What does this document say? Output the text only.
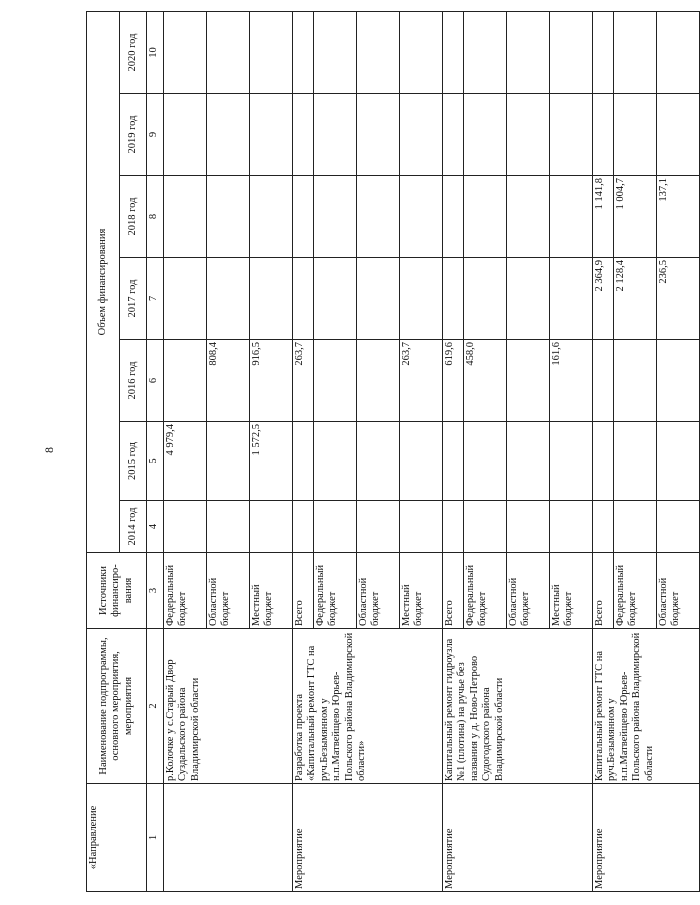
8
«Направление	Наименование подпрограммы, основного мероприятия, мероприятия	Источники финансиро-вания	Объем финансирования						
			2014 год	2015 год	2016 год	2017 год	2018 год	2019 год	2020 год
1	2	3	4	5	6	7	8	9	10
	р.Колочке у с.Старый Двор Суздальского района Владимирской области	Федеральный бюджет		4 979,4					
		Областной бюджет			808,4				
		Местный бюджет		1 572,5	916,5				
Мероприятие	Разработка проекта «Капитальный ремонт ГТС на руч.Безымянном у н.п.Матвейщево Юрьев-Польского района Владимирской области»	Всего			263,7				
		Федеральный бюджет							
		Областной бюджет							
		Местный бюджет			263,7				
Мероприятие	Капитальный ремонт гидроузла №1 (плотина) на ручье без названия у д. Ново-Петрово Судогодского района Владимирской области	Всего			619,6				
		Федеральный бюджет			458,0				
		Областной бюджет							
		Местный бюджет			161,6				
Мероприятие	Капитальный ремонт ГТС на руч.Безымянном у н.п.Матвейщево Юрьев-Польского района Владимирской области	Всего				2 364,9	1 141,8		
		Федеральный бюджет				2 128,4	1 004,7		
		Областной бюджет				236,5	137,1		
